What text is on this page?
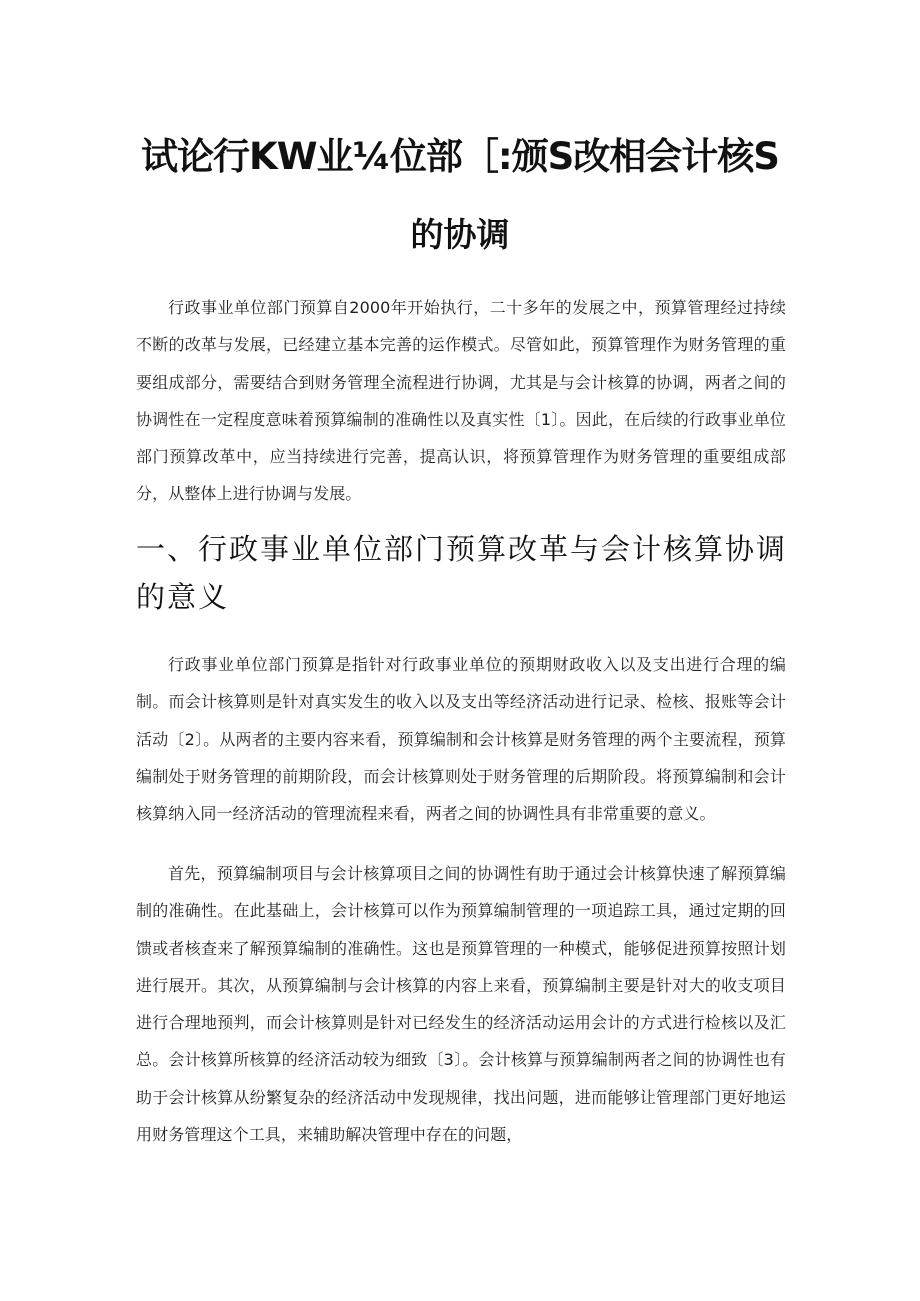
试论行KW业¼位部［:颁S改相会计核S
的协调

行政事业单位部门预算自2000年开始执行，二十多年的发展之中，预算管理经过持续不断的改革与发展，已经建立基本完善的运作模式。尽管如此，预算管理作为财务管理的重要组成部分，需要结合到财务管理全流程进行协调，尤其是与会计核算的协调，两者之间的协调性在一定程度意味着预算编制的准确性以及真实性〔1〕。因此，在后续的行政事业单位部门预算改革中，应当持续进行完善，提高认识，将预算管理作为财务管理的重要组成部分，从整体上进行协调与发展。

一、行政事业单位部门预算改革与会计核算协调的意义

行政事业单位部门预算是指针对行政事业单位的预期财政收入以及支出进行合理的编制。而会计核算则是针对真实发生的收入以及支出等经济活动进行记录、检核、报账等会计活动〔2〕。从两者的主要内容来看，预算编制和会计核算是财务管理的两个主要流程，预算编制处于财务管理的前期阶段，而会计核算则处于财务管理的后期阶段。将预算编制和会计核算纳入同一经济活动的管理流程来看，两者之间的协调性具有非常重要的意义。

首先，预算编制项目与会计核算项目之间的协调性有助于通过会计核算快速了解预算编制的准确性。在此基础上，会计核算可以作为预算编制管理的一项追踪工具，通过定期的回馈或者核查来了解预算编制的准确性。这也是预算管理的一种模式，能够促进预算按照计划进行展开。其次，从预算编制与会计核算的内容上来看，预算编制主要是针对大的收支项目进行合理地预判，而会计核算则是针对已经发生的经济活动运用会计的方式进行检核以及汇总。会计核算所核算的经济活动较为细致〔3〕。会计核算与预算编制两者之间的协调性也有助于会计核算从纷繁复杂的经济活动中发现规律，找出问题，进而能够让管理部门更好地运用财务管理这个工具，来辅助解决管理中存在的问题，
